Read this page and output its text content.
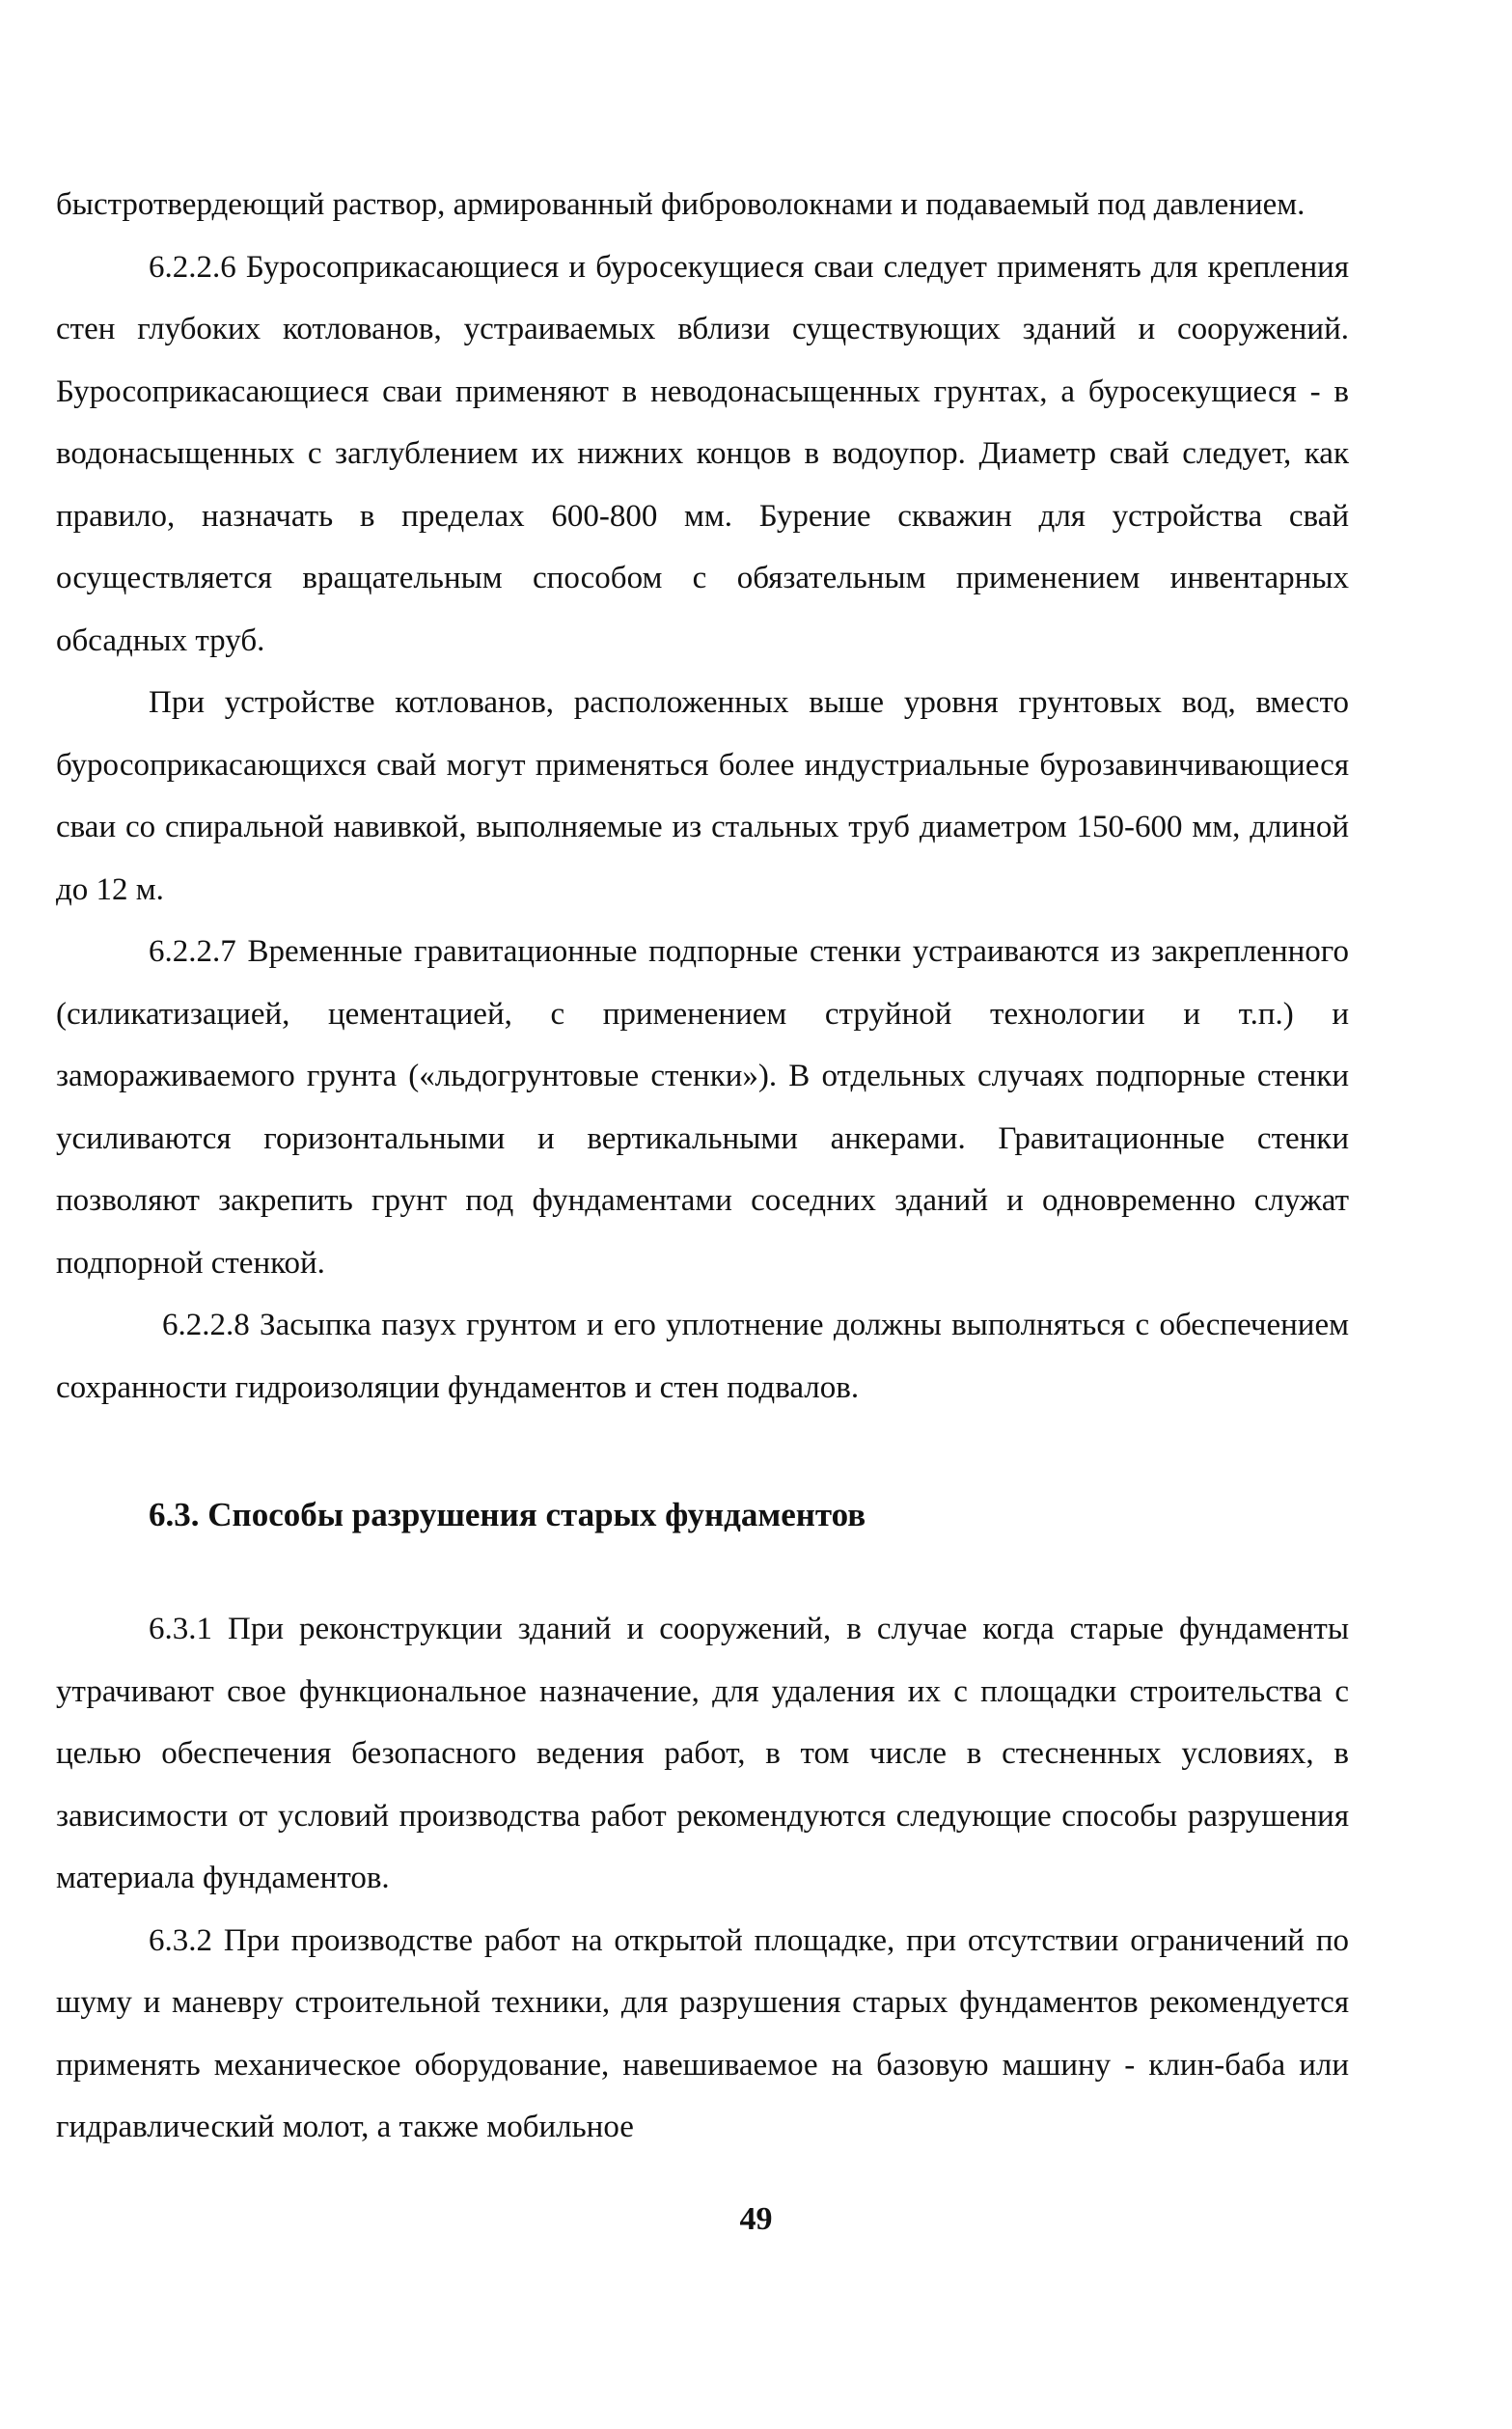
быстротвердеющий раствор, армированный фиброволокнами и подаваемый под давлением.

6.2.2.6 Буросоприкасающиеся и буросекущиеся сваи следует применять для крепления стен глубоких котлованов, устраиваемых вблизи существующих зданий и сооружений. Буросоприкасающиеся сваи применяют в неводонасыщенных грунтах, а буросекущиеся - в водонасыщенных с заглублением их нижних концов в водоупор. Диаметр свай следует, как правило, назначать в пределах 600-800 мм. Бурение скважин для устройства свай осуществляется вращательным способом с обязательным применением инвентарных обсадных труб.

При устройстве котлованов, расположенных выше уровня грунтовых вод, вместо буросоприкасающихся свай могут применяться более индустриальные бурозавинчивающиеся сваи со спиральной навивкой, выполняемые из стальных труб диаметром 150-600 мм, длиной до 12 м.

6.2.2.7 Временные гравитационные подпорные стенки устраиваются из закрепленного (силикатизацией, цементацией, с применением струйной технологии и т.п.) и замораживаемого грунта («льдогрунтовые стенки»). В отдельных случаях подпорные стенки усиливаются горизонтальными и вертикальными анкерами. Гравитационные стенки позволяют закрепить грунт под фундаментами соседних зданий и одновременно служат подпорной стенкой.

6.2.2.8 Засыпка пазух грунтом и его уплотнение должны выполняться с обеспечением сохранности гидроизоляции фундаментов и стен подвалов.

6.3. Способы разрушения старых фундаментов

6.3.1 При реконструкции зданий и сооружений, в случае когда старые фундаменты утрачивают свое функциональное назначение, для удаления их с площадки строительства с целью обеспечения безопасного ведения работ, в том числе в стесненных условиях, в зависимости от условий производства работ рекомендуются следующие способы разрушения материала фундаментов.

6.3.2 При производстве работ на открытой площадке, при отсутствии ограничений по шуму и маневру строительной техники, для разрушения старых фундаментов рекомендуется применять механическое оборудование, навешиваемое на базовую машину - клин-баба или гидравлический молот, а также мобильное

49
